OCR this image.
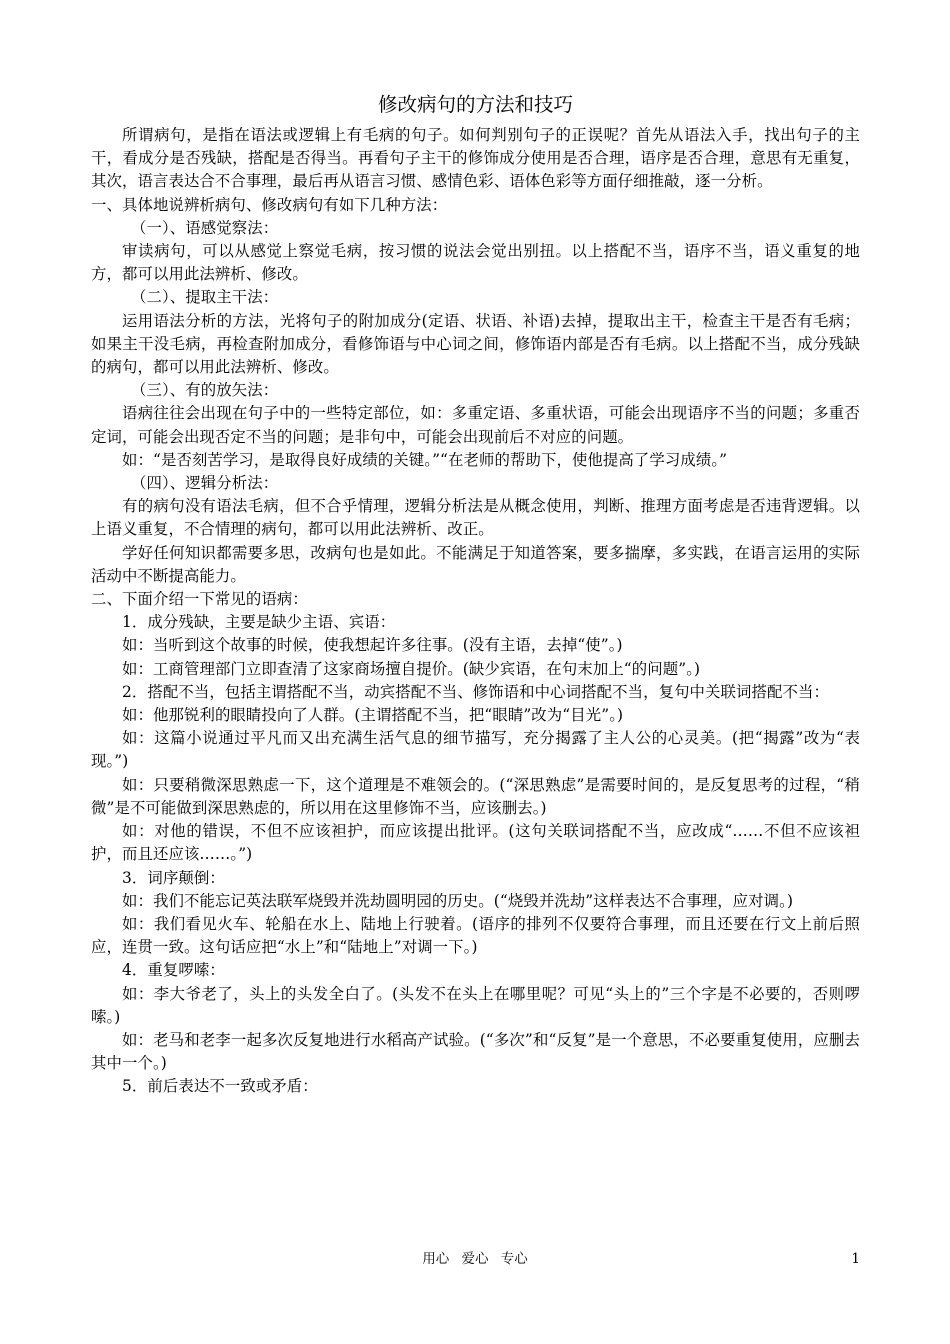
修改病句的方法和技巧

所谓病句，是指在语法或逻辑上有毛病的句子。如何判别句子的正误呢？首先从语法入手，找出句子的主干，看成分是否残缺，搭配是否得当。再看句子主干的修饰成分使用是否合理，语序是否合理，意思有无重复，其次，语言表达合不合事理，最后再从语言习惯、感情色彩、语体色彩等方面仔细推敲，逐一分析。

一、具体地说辨析病句、修改病句有如下几种方法：

（一）、语感觉察法：

审读病句，可以从感觉上察觉毛病，按习惯的说法会觉出别扭。以上搭配不当，语序不当，语义重复的地方，都可以用此法辨析、修改。

（二）、提取主干法：

运用语法分析的方法，光将句子的附加成分(定语、状语、补语)去掉，提取出主干，检查主干是否有毛病；如果主干没毛病，再检查附加成分，看修饰语与中心词之间，修饰语内部是否有毛病。以上搭配不当，成分残缺的病句，都可以用此法辨析、修改。

（三）、有的放矢法：

语病往往会出现在句子中的一些特定部位，如：多重定语、多重状语，可能会出现语序不当的问题；多重否定词，可能会出现否定不当的问题；是非句中，可能会出现前后不对应的问题。

如：“是否刻苦学习，是取得良好成绩的关键。”“在老师的帮助下，使他提高了学习成绩。”

（四）、逻辑分析法：

有的病句没有语法毛病，但不合乎情理，逻辑分析法是从概念使用，判断、推理方面考虑是否违背逻辑。以上语义重复，不合情理的病句，都可以用此法辨析、改正。

学好任何知识都需要多思，改病句也是如此。不能满足于知道答案，要多揣摩，多实践，在语言运用的实际活动中不断提高能力。

二、下面介绍一下常见的语病：

1．成分残缺，主要是缺少主语、宾语：

如：当听到这个故事的时候，使我想起许多往事。(没有主语，去掉“使”。)

如：工商管理部门立即查清了这家商场擅自提价。(缺少宾语，在句末加上“的问题”。)

2．搭配不当，包括主谓搭配不当，动宾搭配不当、修饰语和中心词搭配不当，复句中关联词搭配不当：

如：他那锐利的眼睛投向了人群。(主谓搭配不当，把“眼睛”改为“目光”。)

如：这篇小说通过平凡而又出充满生活气息的细节描写，充分揭露了主人公的心灵美。(把“揭露”改为“表现。”)

如：只要稍微深思熟虑一下，这个道理是不难领会的。(“深思熟虑”是需要时间的，是反复思考的过程，“稍微”是不可能做到深思熟虑的，所以用在这里修饰不当，应该删去。)

如：对他的错误，不但不应该袒护，而应该提出批评。(这句关联词搭配不当，应改成“……不但不应该袒护，而且还应该……。”)

3．词序颠倒：

如：我们不能忘记英法联军烧毁并洗劫圆明园的历史。(“烧毁并洗劫”这样表达不合事理，应对调。)

如：我们看见火车、轮船在水上、陆地上行驶着。(语序的排列不仅要符合事理，而且还要在行文上前后照应，连贯一致。这句话应把“水上”和“陆地上”对调一下。)

4．重复啰嗦：

如：李大爷老了，头上的头发全白了。(头发不在头上在哪里呢？可见“头上的”三个字是不必要的，否则啰嗦。)

如：老马和老李一起多次反复地进行水稻高产试验。(“多次”和“反复”是一个意思，不必要重复使用，应删去其中一个。)

5．前后表达不一致或矛盾：

用心 爱心 专心	1
